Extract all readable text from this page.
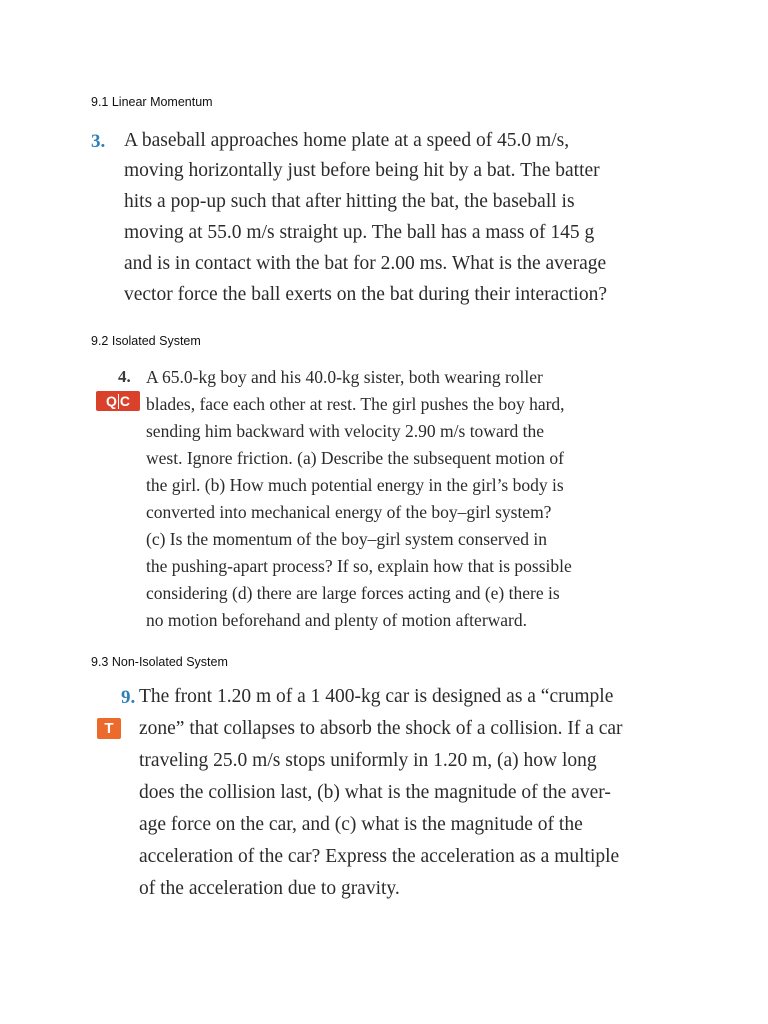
9.1 Linear Momentum
3. A baseball approaches home plate at a speed of 45.0 m/s,
moving horizontally just before being hit by a bat. The batter
hits a pop-up such that after hitting the bat, the baseball is
moving at 55.0 m/s straight up. The ball has a mass of 145 g
and is in contact with the bat for 2.00 ms. What is the average
vector force the ball exerts on the bat during their interaction?
9.2 Isolated System
4.
Q C
A 65.0-kg boy and his 40.0-kg sister, both wearing roller
blades, face each other at rest. The girl pushes the boy hard,
sending him backward with velocity 2.90 m/s toward the
west. Ignore friction. (a) Describe the subsequent motion of
the girl. (b) How much potential energy in the girl’s body is
converted into mechanical energy of the boy–girl system?
(c) Is the momentum of the boy–girl system conserved in
the pushing-apart process? If so, explain how that is possible
considering (d) there are large forces acting and (e) there is
no motion beforehand and plenty of motion afterward.
9.3 Non-Isolated System
9.
T
The front 1.20 m of a 1 400-kg car is designed as a “crumple
zone” that collapses to absorb the shock of a collision. If a car
traveling 25.0 m/s stops uniformly in 1.20 m, (a) how long
does the collision last, (b) what is the magnitude of the aver-
age force on the car, and (c) what is the magnitude of the
acceleration of the car? Express the acceleration as a multiple
of the acceleration due to gravity.
